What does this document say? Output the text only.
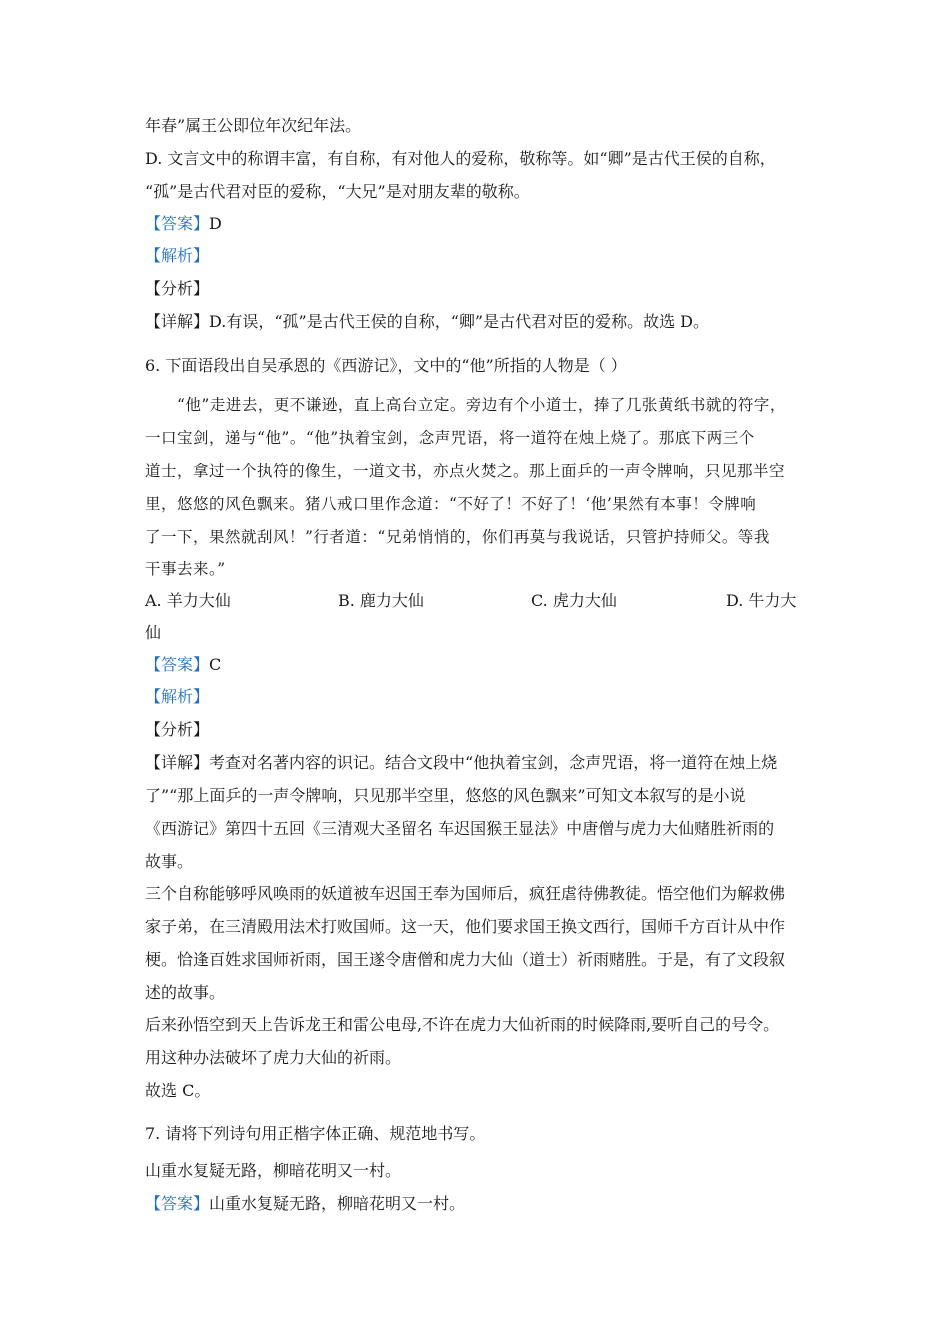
年春”属王公即位年次纪年法。
D. 文言文中的称谓丰富，有自称，有对他人的爱称，敬称等。如“卿”是古代王侯的自称，
“孤”是古代君对臣的爱称，“大兄”是对朋友辈的敬称。
【答案】D
【解析】
【分析】
【详解】D.有误，“孤”是古代王侯的自称，“卿”是古代君对臣的爱称。故选 D。
6. 下面语段出自吴承恩的《西游记》，文中的“他”所指的人物是（ ）
“他”走进去，更不谦逊，直上高台立定。旁边有个小道士，捧了几张黄纸书就的符字，
一口宝剑，递与“他”。“他”执着宝剑，念声咒语，将一道符在烛上烧了。那底下两三个
道士，拿过一个执符的像生，一道文书，亦点火焚之。那上面乒的一声令牌响，只见那半空
里，悠悠的风色飘来。猪八戒口里作念道：“不好了！不好了！‘他’果然有本事！令牌响
了一下，果然就刮风！”行者道：“兄弟悄悄的，你们再莫与我说话，只管护持师父。等我
干事去来。”
A. 羊力大仙	B. 鹿力大仙	C. 虎力大仙	D. 牛力大
仙
【答案】C
【解析】
【分析】
【详解】考查对名著内容的识记。结合文段中“他执着宝剑，念声咒语，将一道符在烛上烧
了”“那上面乒的一声令牌响，只见那半空里，悠悠的风色飘来”可知文本叙写的是小说
《西游记》第四十五回《三清观大圣留名 车迟国猴王显法》中唐僧与虎力大仙赌胜祈雨的
故事。
三个自称能够呼风唤雨的妖道被车迟国王奉为国师后，疯狂虐待佛教徒。悟空他们为解救佛
家子弟，在三清殿用法术打败国师。这一天，他们要求国王换文西行，国师千方百计从中作
梗。恰逢百姓求国师祈雨，国王遂令唐僧和虎力大仙（道士）祈雨赌胜。于是，有了文段叙
述的故事。
后来孙悟空到天上告诉龙王和雷公电母,不许在虎力大仙祈雨的时候降雨,要听自己的号令。
用这种办法破坏了虎力大仙的祈雨。
故选 C。
7. 请将下列诗句用正楷字体正确、规范地书写。
山重水复疑无路，柳暗花明又一村。
【答案】山重水复疑无路，柳暗花明又一村。
